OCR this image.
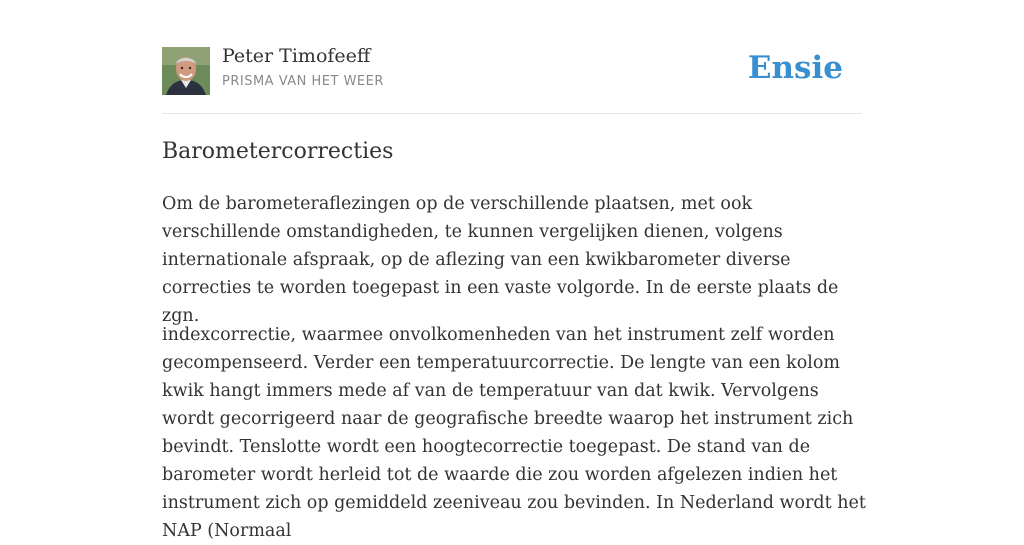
Peter Timofeeff
PRISMA VAN HET WEER	Ensie
Barometercorrecties

Om de barometeraflezingen op de verschillende plaatsen, met ook verschillende omstandigheden, te kunnen vergelijken dienen, volgens internationale afspraak, op de aflezing van een kwikbarometer diverse correcties te worden toegepast in een vaste volgorde. In de eerste plaats de zgn.

indexcorrectie, waarmee onvolkomenheden van het instrument zelf worden gecompenseerd. Verder een temperatuurcorrectie. De lengte van een kolom kwik hangt immers mede af van de temperatuur van dat kwik. Vervolgens wordt gecorrigeerd naar de geografische breedte waarop het instrument zich bevindt. Tenslotte wordt een hoogtecorrectie toegepast. De stand van de barometer wordt herleid tot de waarde die zou worden afgelezen indien het instrument zich op gemiddeld zeeniveau zou bevinden. In Nederland wordt het NAP (Normaal
